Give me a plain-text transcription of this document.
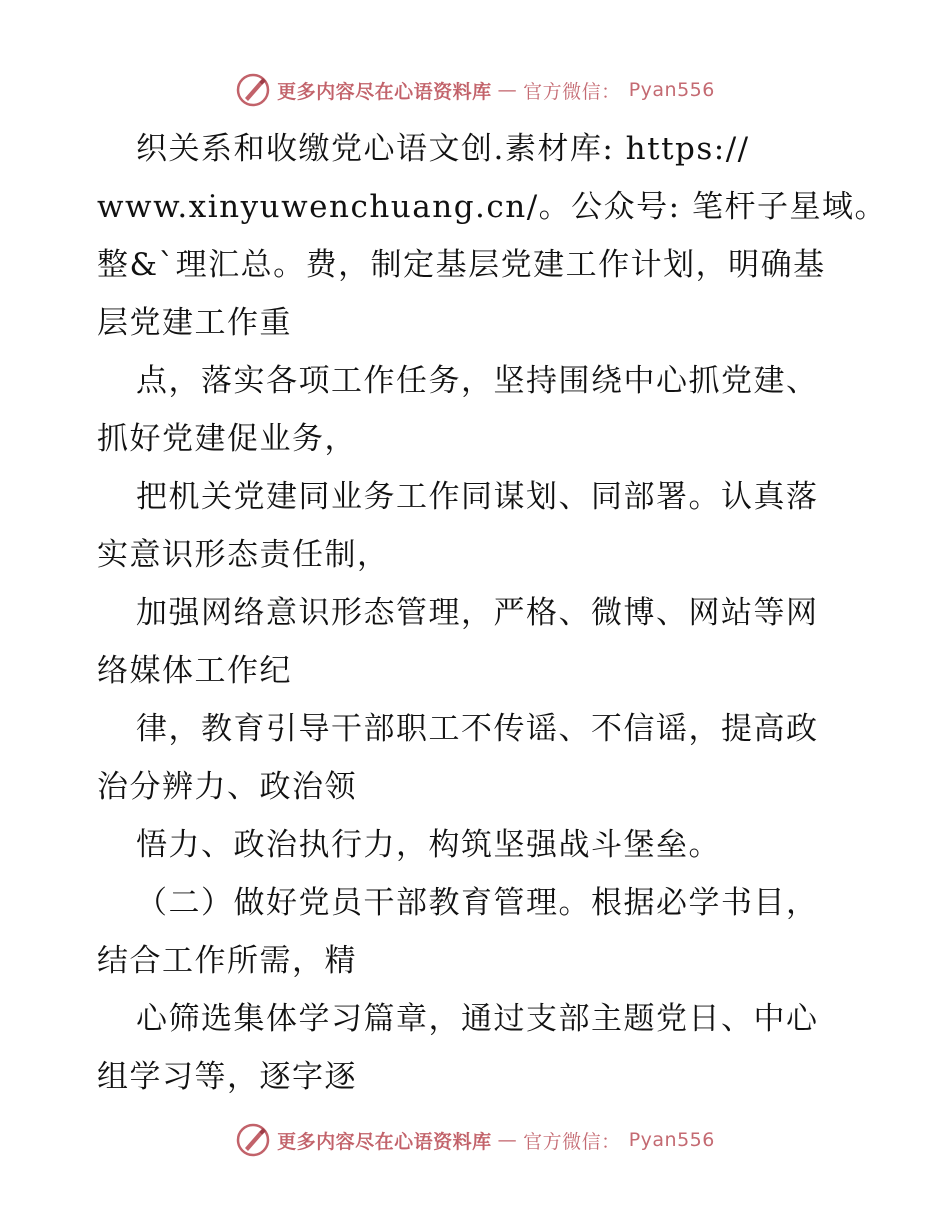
更多内容尽在心语资料库 — 官方微信： Pyan556
织关系和收缴党心语文创.素材库: https://
www.xinyuwenchuang.cn/。公众号: 笔杆子星域。
整&`理汇总。费，制定基层党建工作计划，明确基
层党建工作重
点，落实各项工作任务，坚持围绕中心抓党建、
抓好党建促业务，
把机关党建同业务工作同谋划、同部署。认真落
实意识形态责任制，
加强网络意识形态管理，严格、微博、网站等网
络媒体工作纪
律，教育引导干部职工不传谣、不信谣，提高政
治分辨力、政治领
悟力、政治执行力，构筑坚强战斗堡垒。
（二）做好党员干部教育管理。根据必学书目，
结合工作所需，精
心筛选集体学习篇章，通过支部主题党日、中心
组学习等，逐字逐
更多内容尽在心语资料库 — 官方微信： Pyan556
